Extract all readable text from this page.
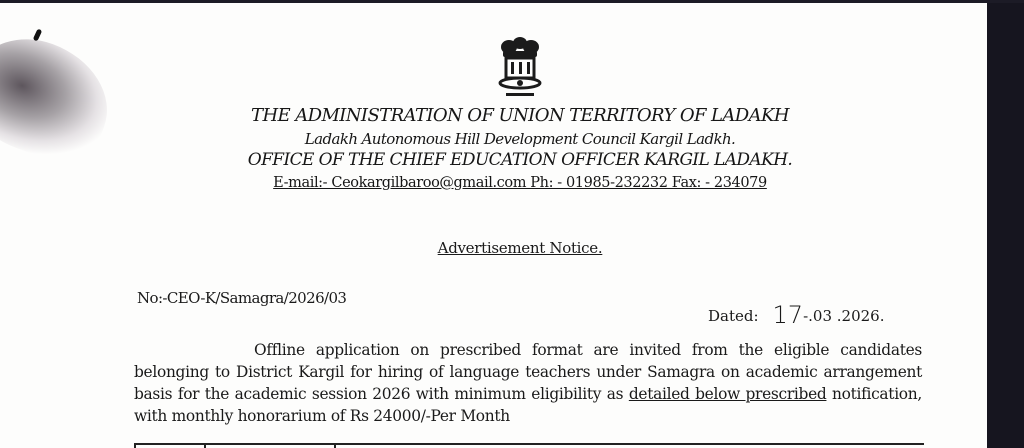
THE ADMINISTRATION OF UNION TERRITORY OF LADAKH
Ladakh Autonomous Hill Development Council Kargil Ladkh.
OFFICE OF THE CHIEF EDUCATION OFFICER KARGIL LADAKH.
E-mail:- Ceokargilbaroo@gmail.com Ph: - 01985-232232 Fax: - 234079
Advertisement Notice.
No:-CEO-K/Samagra/2026/03
Dated: 17-.03 .2026.
Offline application on prescribed format are invited from the eligible candidates belonging to District Kargil for hiring of language teachers under Samagra on academic arrangement basis for the academic session 2026 with minimum eligibility as detailed below prescribed notification, with monthly honorarium of Rs 24000/-Per Month
